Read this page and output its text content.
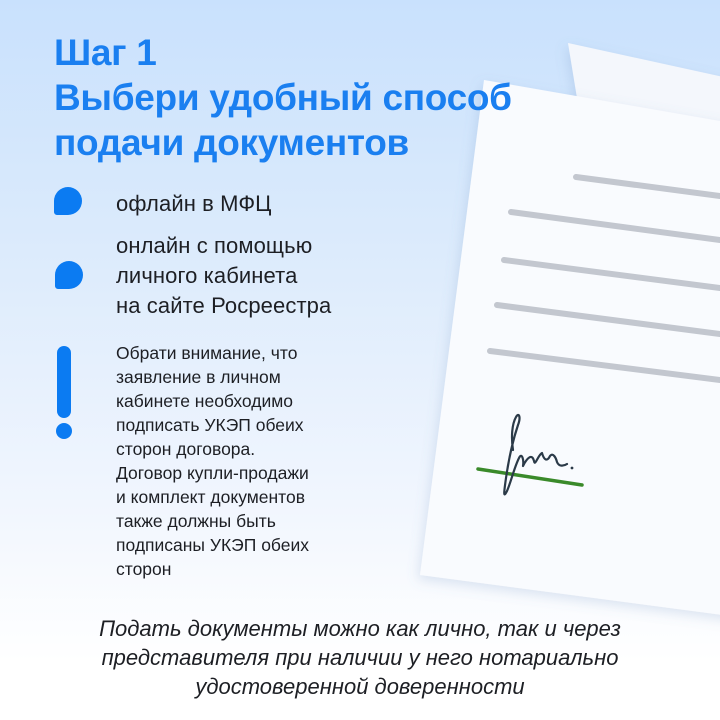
Шаг 1
Выбери удобный способ
подачи документов

офлайн в МФЦ

онлайн с помощью
личного кабинета
на сайте Росреестра

Обрати внимание, что
заявление в личном
кабинете необходимо
подписать УКЭП обеих
сторон договора.
Договор купли-продажи
и комплект документов
также должны быть
подписаны УКЭП обеих
сторон

Подать документы можно как лично, так и через
представителя при наличии у него нотариально
удостоверенной доверенности
